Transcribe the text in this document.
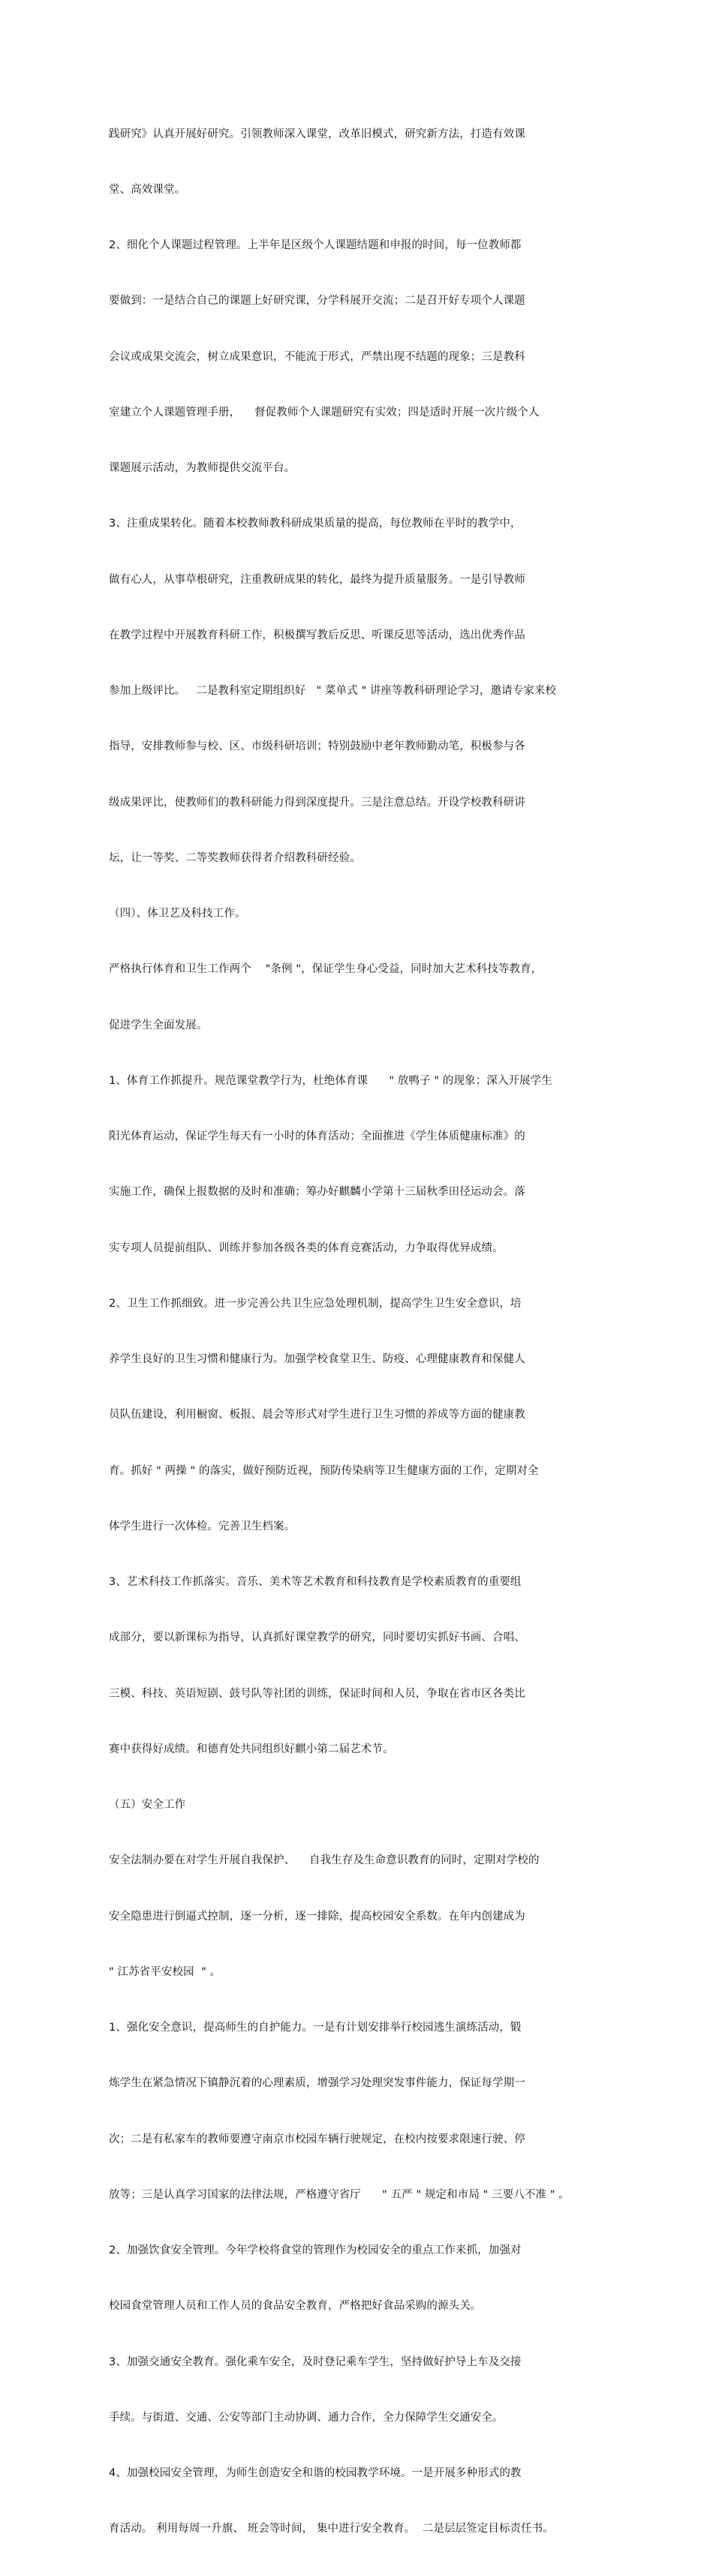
践研究》认真开展好研究。引领教师深入课堂，改革旧模式，研究新方法，打造有效课

堂、高效课堂。

2、细化个人课题过程管理。上半年是区级个人课题结题和申报的时间，每一位教师都

要做到：一是结合自己的课题上好研究课，分学科展开交流；二是召开好专项个人课题

会议或成果交流会，树立成果意识，不能流于形式，严禁出现不结题的现象；三是教科

室建立个人课题管理手册，    督促教师个人课题研究有实效；四是适时开展一次片级个人

课题展示活动，为教师提供交流平台。

3、注重成果转化。随着本校教师教科研成果质量的提高，每位教师在平时的教学中，

做有心人，从事草根研究，注重教研成果的转化，最终为提升质量服务。一是引导教师

在教学过程中开展教育科研工作，积极撰写教后反思、听课反思等活动，选出优秀作品

参加上级评比。   二是教科室定期组织好   " 菜单式 " 讲座等教科研理论学习，邀请专家来校

指导，安排教师参与校、区、市级科研培训；特别鼓励中老年教师勤动笔，积极参与各

级成果评比，使教师们的教科研能力得到深度提升。三是注意总结。开设学校教科研讲

坛，让一等奖、二等奖教师获得者介绍教科研经验。

（四）、体卫艺及科技工作。

严格执行体育和卫生工作两个    "条例 "，保证学生身心受益，同时加大艺术科技等教育，

促进学生全面发展。

1、体育工作抓提升。规范课堂教学行为，杜绝体育课      " 放鸭子 " 的现象；深入开展学生

阳光体育运动，保证学生每天有一小时的体育活动；全面推进《学生体质健康标准》的

实施工作，确保上报数据的及时和准确；筹办好麒麟小学第十三届秋季田径运动会。落

实专项人员提前组队、训练并参加各级各类的体育竞赛活动，力争取得优异成绩。

2、卫生工作抓细致。进一步完善公共卫生应急处理机制，提高学生卫生安全意识，培

养学生良好的卫生习惯和健康行为。加强学校食堂卫生、防疫、心理健康教育和保健人

员队伍建设，利用橱窗、板报、晨会等形式对学生进行卫生习惯的养成等方面的健康教

育。抓好 " 两操 " 的落实，做好预防近视，预防传染病等卫生健康方面的工作，定期对全

体学生进行一次体检。完善卫生档案。

3、艺术科技工作抓落实。音乐、美术等艺术教育和科技教育是学校素质教育的重要组

成部分，要以新课标为指导，认真抓好课堂教学的研究，同时要切实抓好书画、合唱、

三模、科技、英语短剧、鼓号队等社团的训练，保证时间和人员，争取在省市区各类比

赛中获得好成绩。和德育处共同组织好麒小第二届艺术节。

（五）安全工作

安全法制办要在对学生开展自我保护、    自我生存及生命意识教育的同时，定期对学校的

安全隐患进行倒逼式控制，逐一分析，逐一排除，提高校园安全系数。在年内创建成为

" 江苏省平安校园  " 。

1、强化安全意识，提高师生的自护能力。一是有计划安排举行校园逃生演练活动，锻

炼学生在紧急情况下镇静沉着的心理素质，增强学习处理突发事件能力，保证每学期一

次；二是有私家车的教师要遵守南京市校园车辆行驶规定，在校内按要求限速行驶、停

放等；三是认真学习国家的法律法规，严格遵守省厅      " 五严 " 规定和市局 " 三要八不准 " 。

2、加强饮食安全管理。今年学校将食堂的管理作为校园安全的重点工作来抓，加强对

校园食堂管理人员和工作人员的食品安全教育，严格把好食品采购的源头关。

3、加强交通安全教育。强化乘车安全，及时登记乘车学生，坚持做好护导上车及交接

手续。与街道、交通、公安等部门主动协调、通力合作，全力保障学生交通安全。

4、加强校园安全管理，为师生创造安全和谐的校园教学环境。一是开展多种形式的教

育活动。 利用每周一升旗、 班会等时间， 集中进行安全教育。  二是层层签定目标责任书。
